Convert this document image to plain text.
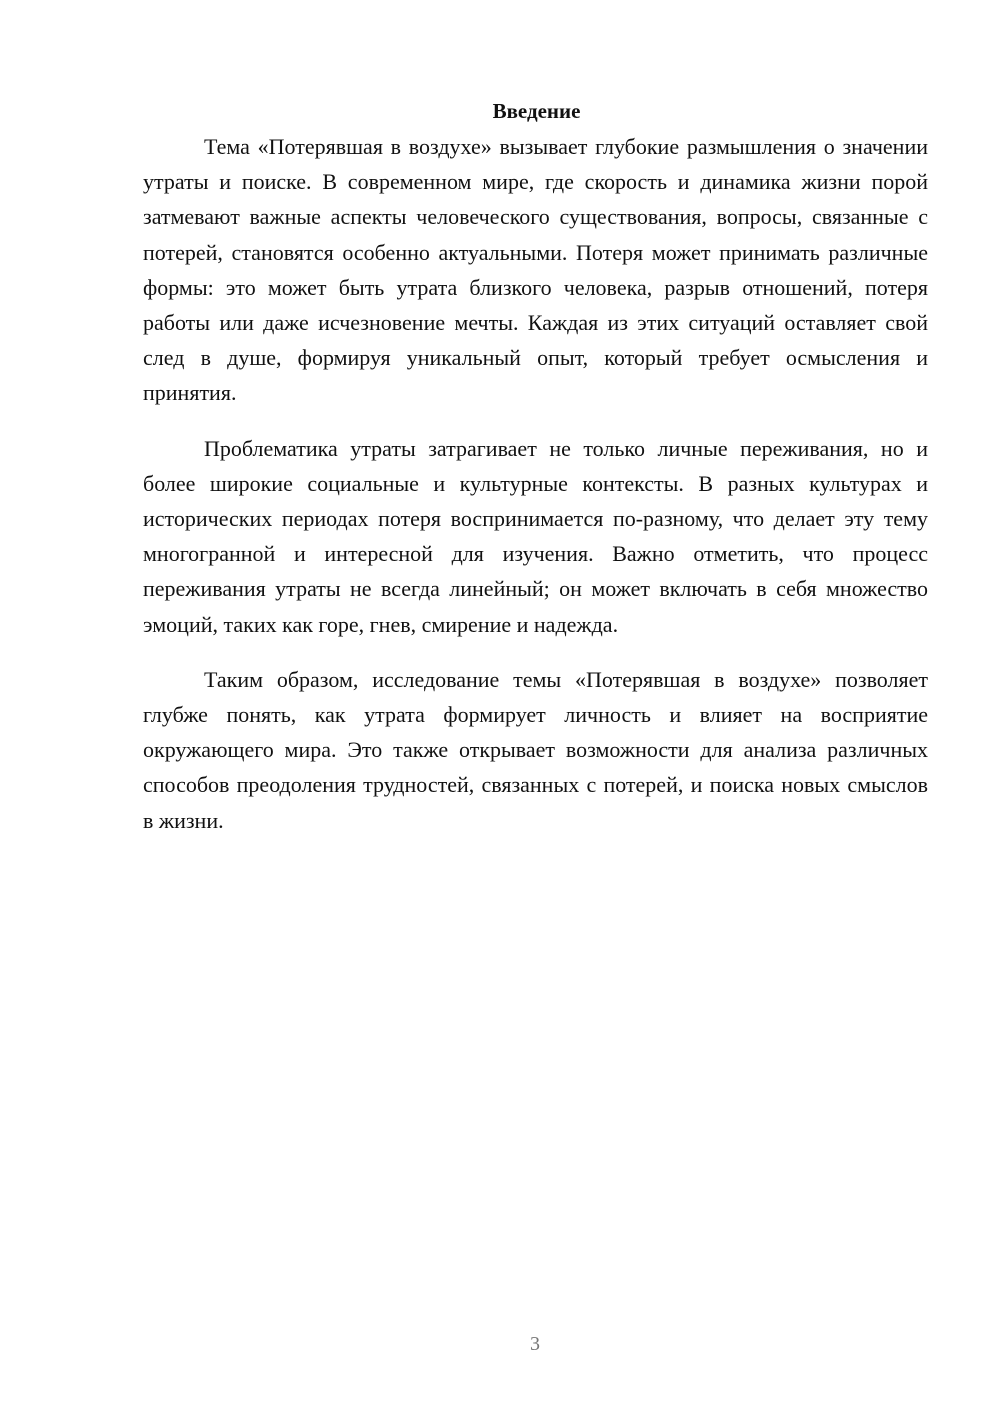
Введение

Тема «Потерявшая в воздухе» вызывает глубокие размышления о значении утраты и поиске. В современном мире, где скорость и динамика жизни порой затмевают важные аспекты человеческого существования, вопросы, связанные с потерей, становятся особенно актуальными. Потеря может принимать различные формы: это может быть утрата близкого человека, разрыв отношений, потеря работы или даже исчезновение мечты. Каждая из этих ситуаций оставляет свой след в душе, формируя уникальный опыт, который требует осмысления и принятия.

Проблематика утраты затрагивает не только личные переживания, но и более широкие социальные и культурные контексты. В разных культурах и исторических периодах потеря воспринимается по-разному, что делает эту тему многогранной и интересной для изучения. Важно отметить, что процесс переживания утраты не всегда линейный; он может включать в себя множество эмоций, таких как горе, гнев, смирение и надежда.

Таким образом, исследование темы «Потерявшая в воздухе» позволяет глубже понять, как утрата формирует личность и влияет на восприятие окружающего мира. Это также открывает возможности для анализа различных способов преодоления трудностей, связанных с потерей, и поиска новых смыслов в жизни.

3
